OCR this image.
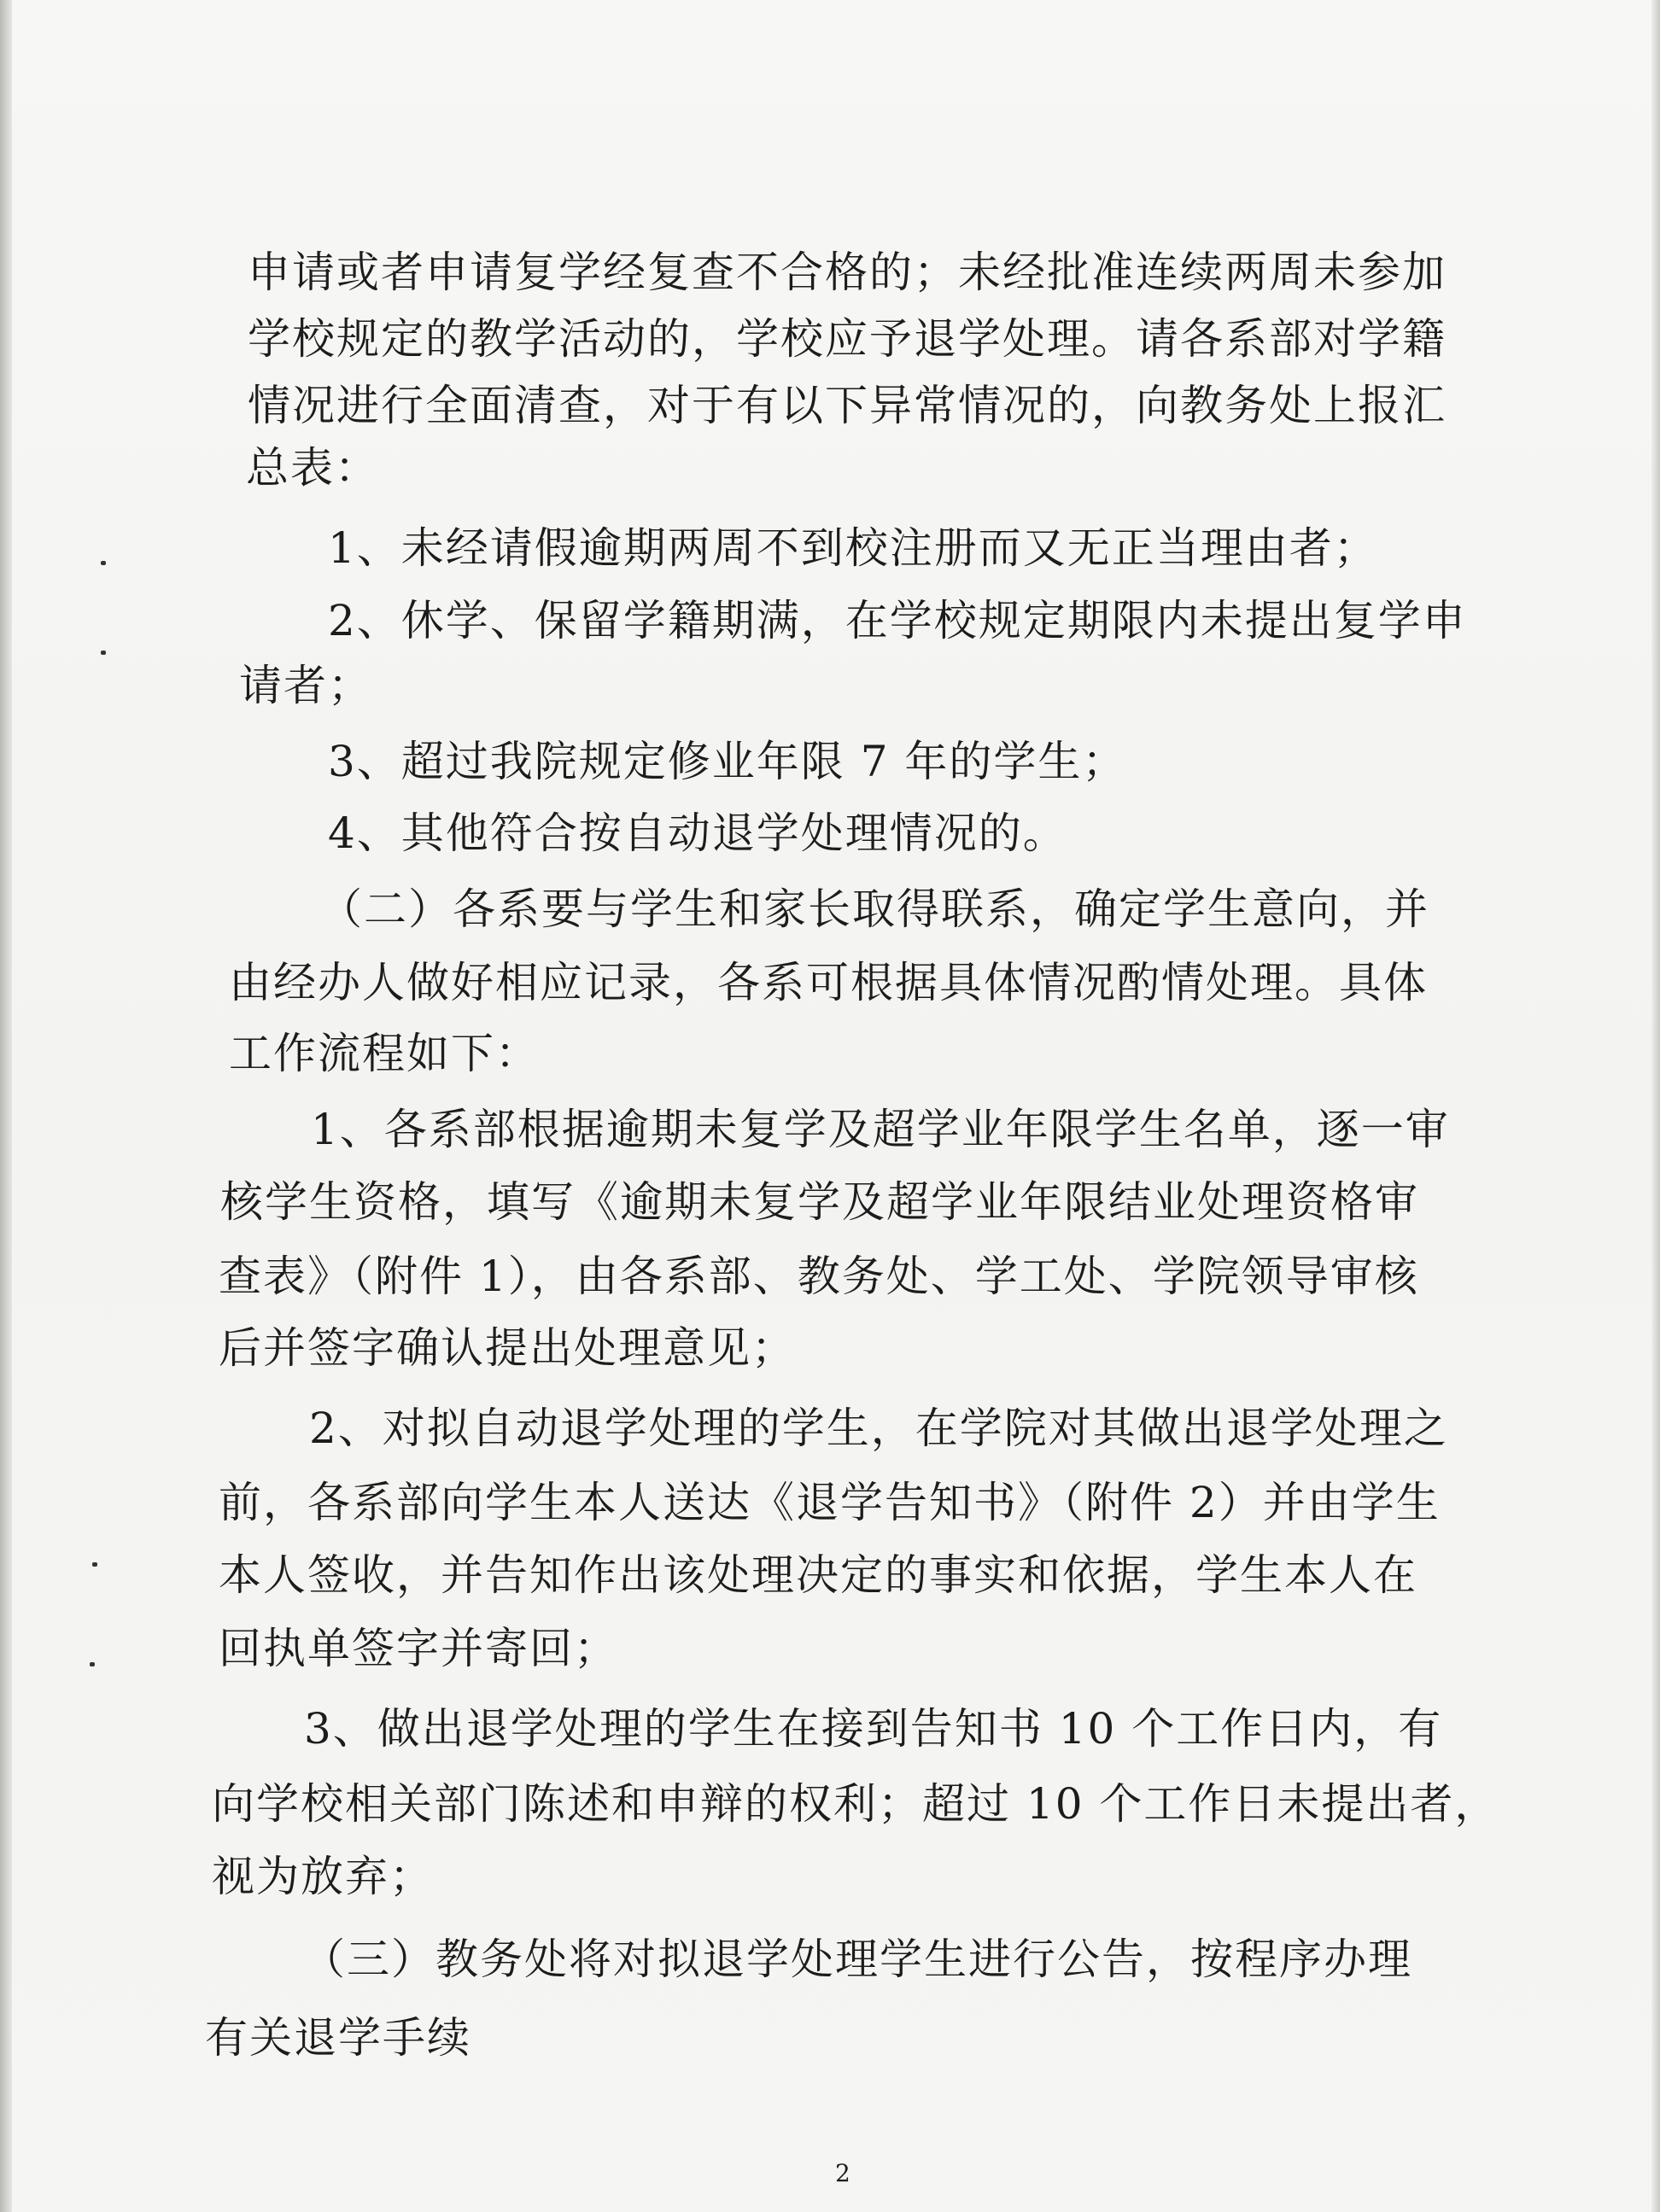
申请或者申请复学经复查不合格的；未经批准连续两周未参加
学校规定的教学活动的，学校应予退学处理。请各系部对学籍
情况进行全面清查，对于有以下异常情况的，向教务处上报汇
总表：
1、未经请假逾期两周不到校注册而又无正当理由者；
2、休学、保留学籍期满，在学校规定期限内未提出复学申
请者；
3、超过我院规定修业年限 7 年的学生；
4、其他符合按自动退学处理情况的。
（二）各系要与学生和家长取得联系，确定学生意向，并
由经办人做好相应记录，各系可根据具体情况酌情处理。具体
工作流程如下：
1、各系部根据逾期未复学及超学业年限学生名单，逐一审
核学生资格，填写《逾期未复学及超学业年限结业处理资格审
查表》（附件 1），由各系部、教务处、学工处、学院领导审核
后并签字确认提出处理意见；
2、对拟自动退学处理的学生，在学院对其做出退学处理之
前，各系部向学生本人送达《退学告知书》（附件 2）并由学生
本人签收，并告知作出该处理决定的事实和依据，学生本人在
回执单签字并寄回；
3、做出退学处理的学生在接到告知书 10 个工作日内，有
向学校相关部门陈述和申辩的权利；超过 10 个工作日未提出者，
视为放弃；
（三）教务处将对拟退学处理学生进行公告，按程序办理
有关退学手续
2
